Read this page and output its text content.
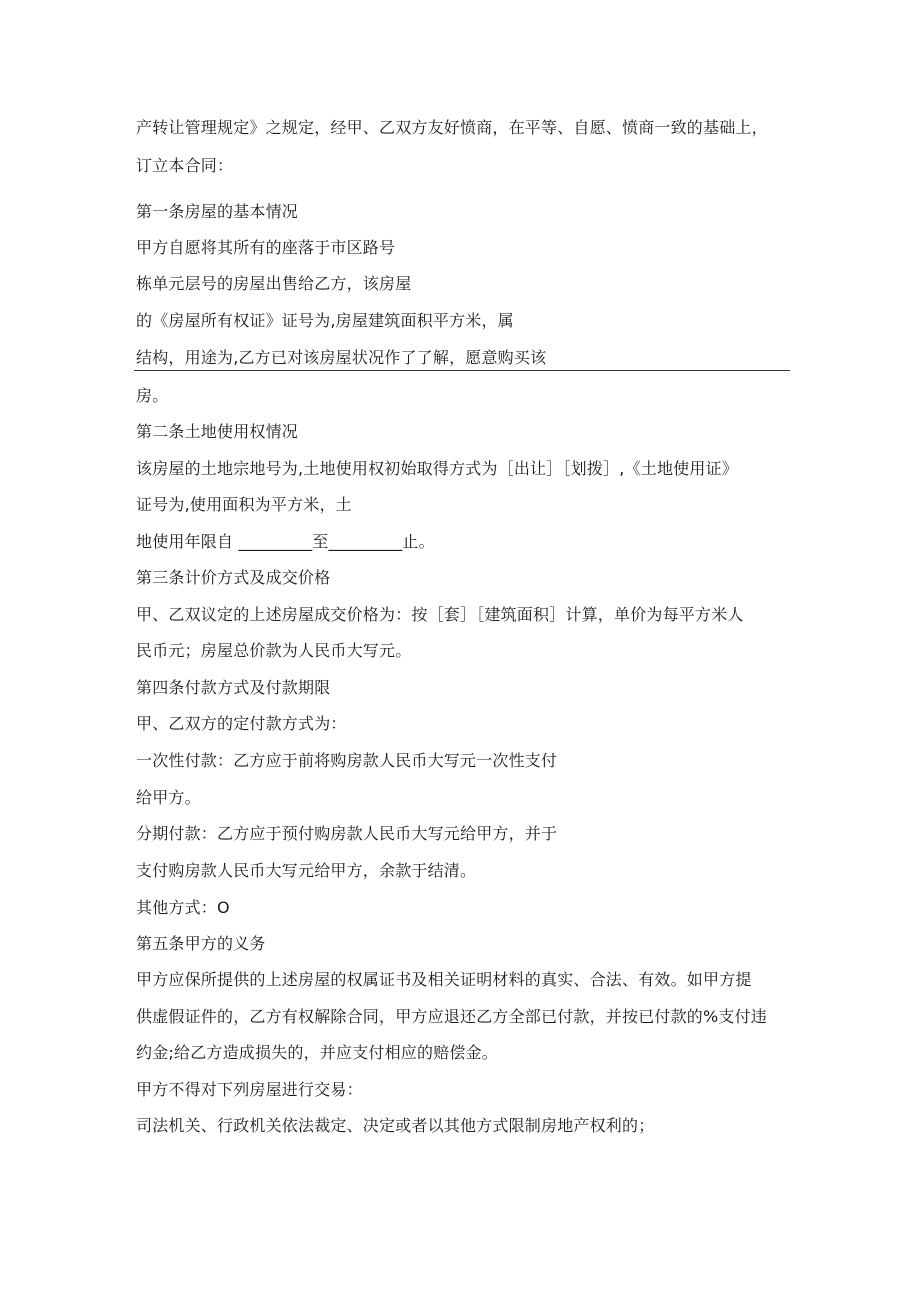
产转让管理规定》之规定，经甲、乙双方友好愤商，在平等、自愿、愤商一致的基础上，
订立本合同：
第一条房屋的基本情况
甲方自愿将其所有的座落于市区路号
栋单元层号的房屋出售给乙方，该房屋
的《房屋所有权证》证号为,房屋建筑面积平方米，属
结构，用途为,乙方已对该房屋状况作了了解，愿意购买该
房。
第二条土地使用权情况
该房屋的土地宗地号为,土地使用权初始取得方式为［出让］［划拨］,《土地使用证》
证号为,使用面积为平方米，土
地使用年限自 _________至_________止。
第三条计价方式及成交价格
甲、乙双议定的上述房屋成交价格为：按［套］［建筑面积］计算，单价为每平方米人
民币元；房屋总价款为人民币大写元。
第四条付款方式及付款期限
甲、乙双方的定付款方式为：
一次性付款：乙方应于前将购房款人民币大写元一次性支付
给甲方。
分期付款：乙方应于预付购房款人民币大写元给甲方，并于
支付购房款人民币大写元给甲方，余款于结清。
其他方式：O
第五条甲方的义务
甲方应保所提供的上述房屋的权属证书及相关证明材料的真实、合法、有效。如甲方提
供虚假证件的，乙方有权解除合同，甲方应退还乙方全部已付款，并按已付款的%支付违
约金;给乙方造成损失的，并应支付相应的赔偿金。
甲方不得对下列房屋进行交易：
司法机关、行政机关依法裁定、决定或者以其他方式限制房地产权利的；
